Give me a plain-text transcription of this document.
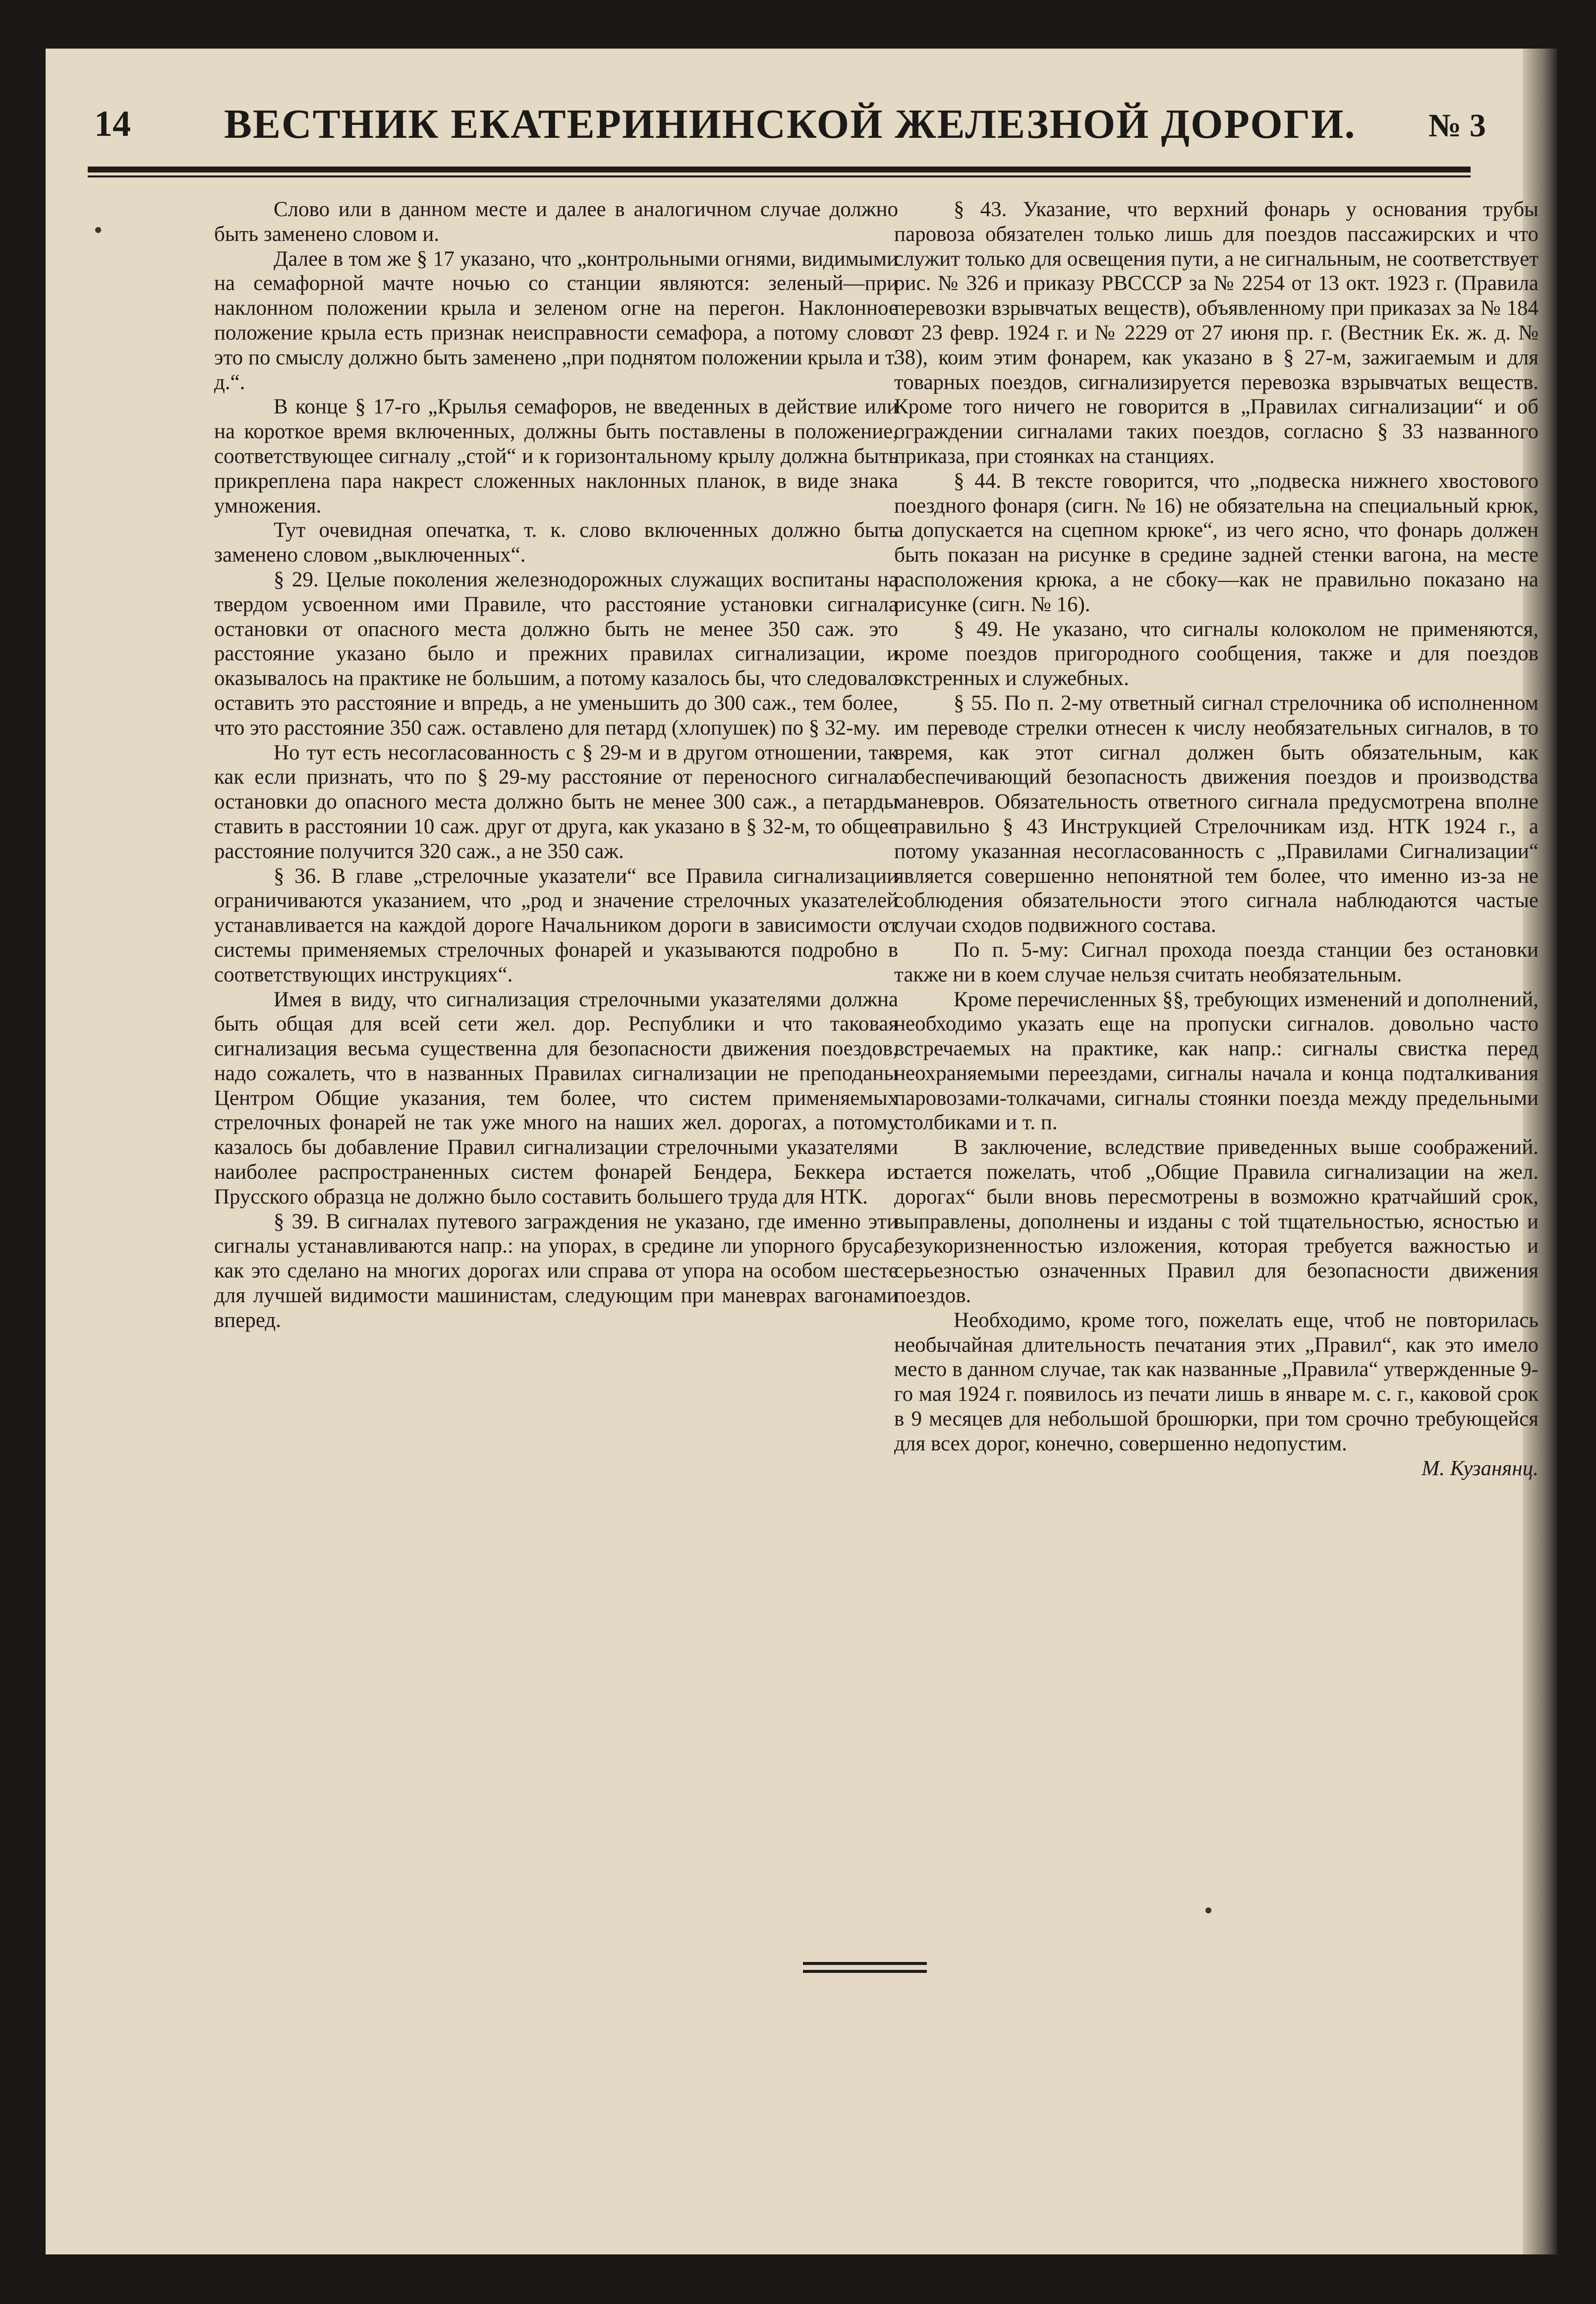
14 ВЕСТНИК ЕКАТЕРИНИНСКОЙ ЖЕЛЕЗНОЙ ДОРОГИ. № 3

Слово или в данном месте и далее в аналогичном случае должно быть заменено словом и.

Далее в том же § 17 указано, что „контрольными огнями, видимыми на семафорной мачте ночью со станции являются: зеленый—при наклонном положении крыла и зеленом огне на перегон. Наклонное положение крыла есть признак неисправности семафора, а потому слово это по смыслу должно быть заменено „при поднятом положении крыла и т. д.“.

В конце § 17-го „Крылья семафоров, не введенных в действие или на короткое время включенных, должны быть поставлены в положение, соответствующее сигналу „стой“ и к горизонтальному крылу должна быть прикреплена пара накрест сложенных наклонных планок, в виде знака умножения.

Тут очевидная опечатка, т. к. слово включенных должно быть заменено словом „выключенных“.

§ 29. Целые поколения железнодорожных служащих воспитаны на твердом усвоенном ими Правиле, что расстояние установки сигнала остановки от опасного места должно быть не менее 350 саж. это расстояние указано было и прежних правилах сигнализации, и оказывалось на практике не большим, а потому казалось бы, что следовало оставить это расстояние и впредь, а не уменьшить до 300 саж., тем более, что это расстояние 350 саж. оставлено для петард (хлопушек) по § 32-му.

Но тут есть несогласованность с § 29-м и в другом отношении, так как если признать, что по § 29-му расстояние от переносного сигнала остановки до опасного места должно быть не менее 300 саж., а петарды ставить в расстоянии 10 саж. друг от друга, как указано в § 32-м, то общее расстояние получится 320 саж., а не 350 саж.

§ 36. В главе „стрелочные указатели“ все Правила сигнализации ограничиваются указанием, что „род и значение стрелочных указателей устанавливается на каждой дороге Начальником дороги в зависимости от системы применяемых стрелочных фонарей и указываются подробно в соответствующих инструкциях“.

Имея в виду, что сигнализация стрелочными указателями должна быть общая для всей сети жел. дор. Республики и что таковая сигнализация весьма существенна для безопасности движения поездов, надо сожалеть, что в названных Правилах сигнализации не преподаны Центром Общие указания, тем более, что систем применяемых стрелочных фонарей не так уже много на наших жел. дорогах, а потому казалось бы добавление Правил сигнализации стрелочными указателями наиболее распространенных систем фонарей Бендера, Беккера и Прусского образца не должно было составить большего труда для НТК.

§ 39. В сигналах путевого заграждения не указано, где именно эти сигналы устанавливаются напр.: на упорах, в средине ли упорного бруса, как это сделано на многих дорогах или справа от упора на особом шесте для лучшей видимости машинистам, следующим при маневрах вагонами вперед.

§ 43. Указание, что верхний фонарь у основания трубы паровоза обязателен только лишь для поездов пассажирских и что служит только для освещения пути, а не сигнальным, не соответствует рис. № 326 и приказу РВСССР за № 2254 от 13 окт. 1923 г. (Правила перевозки взрывчатых веществ), объявленному при приказах за № 184 от 23 февр. 1924 г. и № 2229 от 27 июня пр. г. (Вестник Ек. ж. д. № 38), коим этим фонарем, как указано в § 27-м, зажигаемым и для товарных поездов, сигнализируется перевозка взрывчатых веществ. Кроме того ничего не говорится в „Правилах сигнализации“ и об ограждении сигналами таких поездов, согласно § 33 названного приказа, при стоянках на станциях.

§ 44. В тексте говорится, что „подвеска нижнего хвостового поездного фонаря (сигн. № 16) не обязательна на специальный крюк, а допускается на сцепном крюке“, из чего ясно, что фонарь должен быть показан на рисунке в средине задней стенки вагона, на месте расположения крюка, а не сбоку—как не правильно показано на рисунке (сигн. № 16).

§ 49. Не указано, что сигналы колоколом не применяются, кроме поездов пригородного сообщения, также и для поездов экстренных и служебных.

§ 55. По п. 2-му ответный сигнал стрелочника об исполненном им переводе стрелки отнесен к числу необязательных сигналов, в то время, как этот сигнал должен быть обязательным, как обеспечивающий безопасность движения поездов и производства маневров. Обязательность ответного сигнала предусмотрена вполне правильно § 43 Инструкцией Стрелочникам изд. НТК 1924 г., а потому указанная несогласованность с „Правилами Сигнализации“ является совершенно непонятной тем более, что именно из-за не соблюдения обязательности этого сигнала наблюдаются частые случаи сходов подвижного состава.

По п. 5-му: Сигнал прохода поезда станции без остановки также ни в коем случае нельзя считать необязательным.

Кроме перечисленных §§, требующих изменений и дополнений, необходимо указать еще на пропуски сигналов. довольно часто встречаемых на практике, как напр.: сигналы свистка перед неохраняемыми переездами, сигналы начала и конца подталкивания паровозами-толкачами, сигналы стоянки поезда между предельными столбиками и т. п.

В заключение, вследствие приведенных выше соображений. остается пожелать, чтоб „Общие Правила сигнализации на жел. дорогах“ были вновь пересмотрены в возможно кратчайший срок, выправлены, дополнены и изданы с той тщательностью, ясностью и безукоризненностью изложения, которая требуется важностью и серьезностью означенных Правил для безопасности движения поездов.

Необходимо, кроме того, пожелать еще, чтоб не повторилась необычайная длительность печатания этих „Правил“, как это имело место в данном случае, так как названные „Правила“ утвержденные 9-го мая 1924 г. появилось из печати лишь в январе м. с. г., каковой срок в 9 месяцев для небольшой брошюрки, при том срочно требующейся для всех дорог, конечно, совершенно недопустим.

М. Кузанянц.
